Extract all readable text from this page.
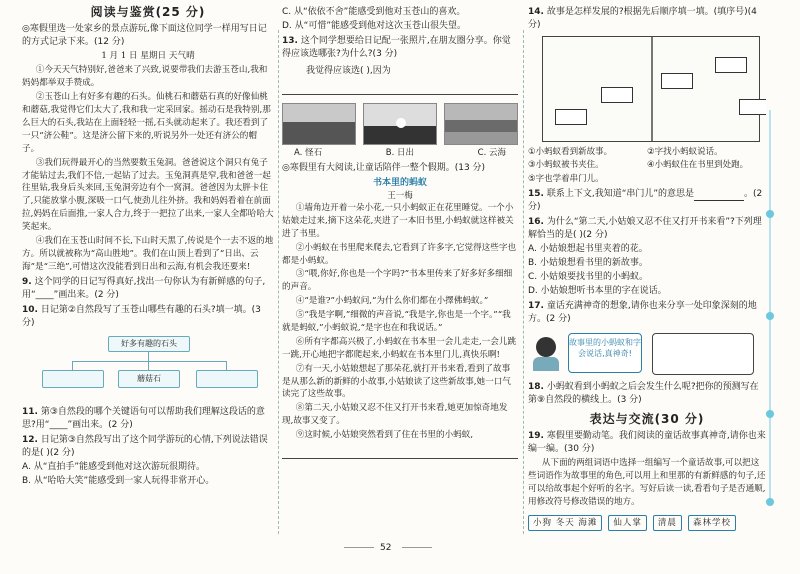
阅读与鉴赏(25 分)
◎寒假里选一处家乡的景点游玩,像下面这位同学一样用写日记的方式记录下来。(12 分)
1 月 1 日 星期日 天气晴
①今天天气特别好,爸爸来了兴致,说要带我们去游玉苍山,我和妈妈都举双手赞成。
②玉苍山上有好多有趣的石头。仙桃石和蘑菇石真的好像仙桃和蘑菇,我觉得它们太大了,我和我一定采回家。摇动石是我特别,那么巨大的石头,我站在上面轻轻一摇,石头就动起来了。我还看到了一只“济公鞋”。这是济公留下来的,听说另外一处还有济公的帽子。
③我们玩得最开心的当然要数玉兔洞。爸爸说这个洞只有兔子才能钻过去,我们不信,一起钻了过去。玉兔洞真是窄,我和爸爸一起往里钻,我身后头来回,玉兔洞旁边有个一窝洞。爸爸因为太胖卡住了,只能放掌小腹,深吸一口气,使劲儿往外挤。我和妈妈看着在前面拉,妈妈在后面推,一家人合力,终于一把拉了出来,一家人全都哈哈大笑起来。
④我们在玉苍山时间不长,下山时天黑了,传说是个一去不返的地方。所以就被称为“高山胜地”。我们在山顶上看到了“日出、云海”是“三绝”,可惜这次没能看到日出和云海,有机会我还要来!
9. 这个同学的日记写得真好,找出一句你认为有新鲜感的句子,用“____”画出来。(2 分)
10. 日记第②自然段写了玉苍山哪些有趣的石头?填一填。(3 分)
好多有趣的石头
蘑菇石
11. 第③自然段的哪个关键语句可以帮助我们理解这段话的意思?用“____”画出来。(2 分)
12. 日记第③自然段写出了这个同学游玩的心情,下列说法错误的是( )(2 分)
A. 从“直拍手”能感受到他对这次游玩很期待。
B. 从“哈哈大笑”能感受到一家人玩得非常开心。
C. 从“依依不舍”能感受到他对玉苍山的喜欢。
D. 从“可惜”能感受到他对这次玉苍山很失望。
13. 这个同学想要给日记配一张照片,在朋友圈分享。你觉得应该选哪张?为什么?(3 分)
我觉得应该选( ),因为
A. 怪石	B. 日出	C. 云海
◎寒假里有大阅读,让童话陪伴一整个假期。(13 分)
书本里的蚂蚁
王一梅
①墙角边开着一朵小花,一只小蚂蚁正在花里睡觉。一个小姑娘走过来,摘下这朵花,夹进了一本旧书里,小蚂蚁就这样被关进了书里。
②小蚂蚁在书里爬来爬去,它看到了许多字,它觉得这些字也都是小蚂蚁。
③“喂,你好,你也是一个字吗?”书本里传来了好多好多细细的声音。
④“是谁?”小蚂蚁问,“为什么你们都在小擇佛蚂蚁。”
⑤“我是字啊,”细微的声音说,“我是字,你也是一个字。”“我就是蚂蚁,”小蚂蚁说,“是字也在和我说话。”
⑥所有字都高兴极了,小蚂蚁在书本里一会儿走走,一会儿跳一跳,开心地把字都爬起来,小蚂蚁在书本里门儿,真快乐啊!
⑦有一天,小姑娘想起了那朵花,就打开书来看,看到了故事是从那么新的新鲜的小故事,小姑娘读了这些新故事,她一口气读完了这些故事。
⑧第二天,小姑娘又忍不住又打开书来看,她更加惊奇地发现,故事又变了。
⑨这时候,小姑娘突然看到了住在书里的小蚂蚁,
14. 故事是怎样发展的?根据先后顺序填一填。(填序号)(4 分)
①小蚂蚁看到新故事。	②字找小蚂蚁说话。
③小蚂蚁被书夹住。	④小蚂蚁住在书里到处跑。
⑤字也学着串门儿。
15. 联系上下文,我知道“串门儿”的意思是	。(2 分)
16. 为什么“第二天,小姑娘又忍不住又打开书来看”?下列理解恰当的是( )(2 分)
A. 小姑娘想起书里夹着的花。
B. 小姑娘想看书里的新故事。
C. 小姑娘要找书里的小蚂蚁。
D. 小姑娘想听书本里的字在说话。
17. 童话充满神奇的想象,请你也来分享一处印象深刻的地方。(2 分)
故事里的小蚂蚁和字会说话,真神奇!
18. 小蚂蚁看到小蚂蚁之后会发生什么呢?把你的预测写在第⑨自然段的横线上。(3 分)
表达与交流(30 分)
19. 寒假里要勤动笔。我们阅读的童话故事真神奇,请你也来编一编。(30 分)
从下面的两组词语中选择一组编写一个童话故事,可以把这些词语作为故事里的角色,可以用上和里那的有新鲜感的句子,还可以给故事起个好听的名字。写好后读一读,看看句子是否通顺,用修改符号修改错误的地方。
小狗 冬天 海滩	仙人掌	清晨	森林学校
52
